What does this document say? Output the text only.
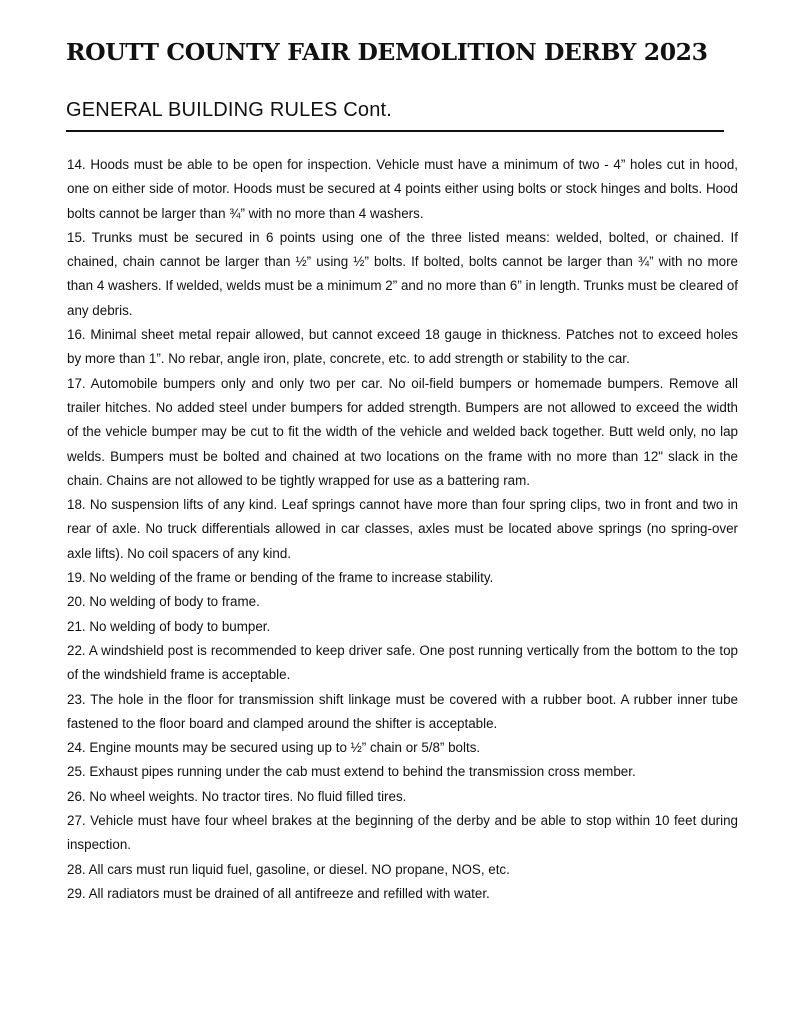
ROUTT COUNTY FAIR DEMOLITION DERBY 2023
GENERAL BUILDING RULES Cont.
14. Hoods must be able to be open for inspection. Vehicle must have a minimum of two - 4” holes cut in hood, one on either side of motor. Hoods must be secured at 4 points either using bolts or stock hinges and bolts. Hood bolts cannot be larger than ¾” with no more than 4 washers.
15. Trunks must be secured in 6 points using one of the three listed means: welded, bolted, or chained. If chained, chain cannot be larger than ½” using ½” bolts. If bolted, bolts cannot be larger than ¾” with no more than 4 washers. If welded, welds must be a minimum 2” and no more than 6” in length. Trunks must be cleared of any debris.
16. Minimal sheet metal repair allowed, but cannot exceed 18 gauge in thickness. Patches not to exceed holes by more than 1”. No rebar, angle iron, plate, concrete, etc. to add strength or stability to the car.
17. Automobile bumpers only and only two per car. No oil-field bumpers or homemade bumpers. Remove all trailer hitches. No added steel under bumpers for added strength. Bumpers are not allowed to exceed the width of the vehicle bumper may be cut to fit the width of the vehicle and welded back together. Butt weld only, no lap welds. Bumpers must be bolted and chained at two locations on the frame with no more than 12" slack in the chain. Chains are not allowed to be tightly wrapped for use as a battering ram.
18. No suspension lifts of any kind. Leaf springs cannot have more than four spring clips, two in front and two in rear of axle. No truck differentials allowed in car classes, axles must be located above springs (no spring-over axle lifts). No coil spacers of any kind.
19. No welding of the frame or bending of the frame to increase stability.
20. No welding of body to frame.
21. No welding of body to bumper.
22. A windshield post is recommended to keep driver safe. One post running vertically from the bottom to the top of the windshield frame is acceptable.
23. The hole in the floor for transmission shift linkage must be covered with a rubber boot. A rubber inner tube fastened to the floor board and clamped around the shifter is acceptable.
24. Engine mounts may be secured using up to ½” chain or 5/8” bolts.
25. Exhaust pipes running under the cab must extend to behind the transmission cross member.
26. No wheel weights. No tractor tires. No fluid filled tires.
27. Vehicle must have four wheel brakes at the beginning of the derby and be able to stop within 10 feet during inspection.
28. All cars must run liquid fuel, gasoline, or diesel. NO propane, NOS, etc.
29. All radiators must be drained of all antifreeze and refilled with water.
